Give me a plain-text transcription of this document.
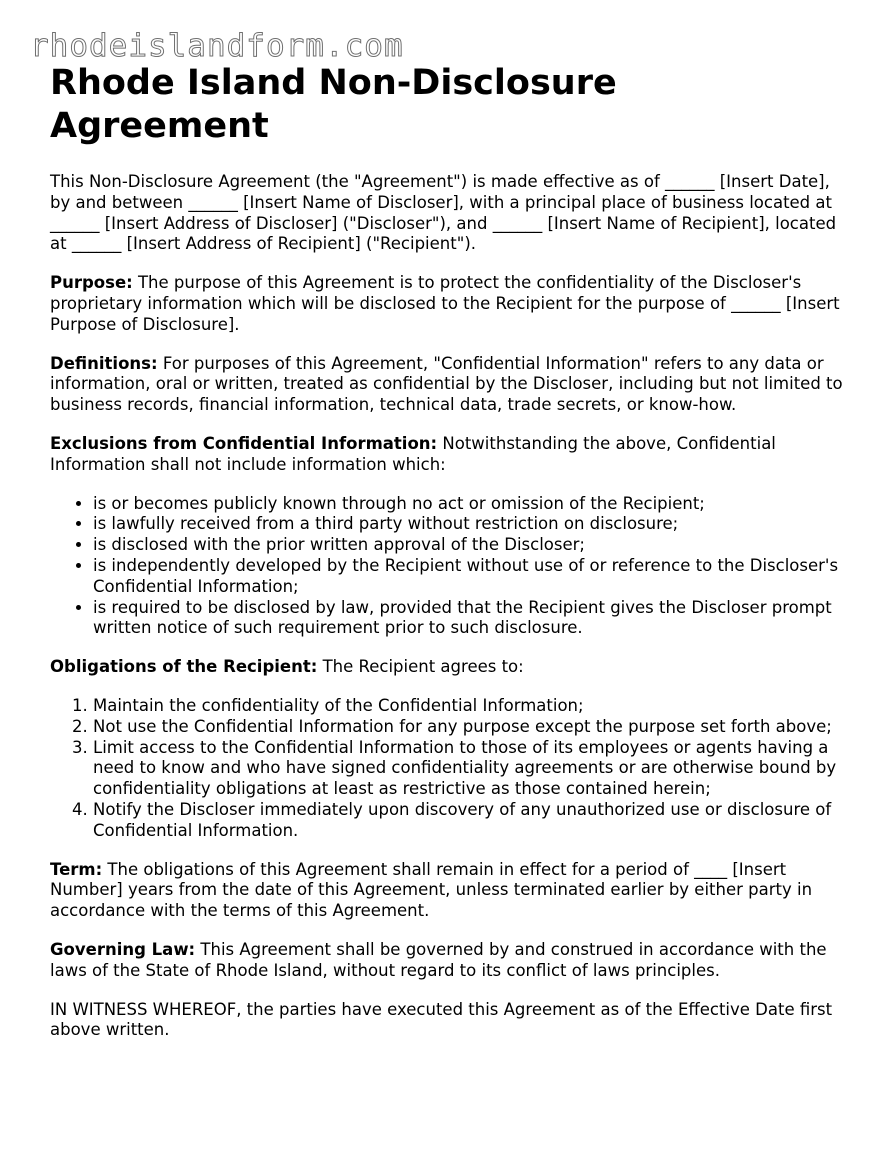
rhodeislandform.com
Rhode Island Non-Disclosure Agreement

This Non-Disclosure Agreement (the "Agreement") is made effective as of ______ [Insert Date], by and between ______ [Insert Name of Discloser], with a principal place of business located at ______ [Insert Address of Discloser] ("Discloser"), and ______ [Insert Name of Recipient], located at ______ [Insert Address of Recipient] ("Recipient").

Purpose: The purpose of this Agreement is to protect the confidentiality of the Discloser's proprietary information which will be disclosed to the Recipient for the purpose of ______ [Insert Purpose of Disclosure].

Definitions: For purposes of this Agreement, "Confidential Information" refers to any data or information, oral or written, treated as confidential by the Discloser, including but not limited to business records, financial information, technical data, trade secrets, or know-how.

Exclusions from Confidential Information: Notwithstanding the above, Confidential Information shall not include information which:

• is or becomes publicly known through no act or omission of the Recipient;
• is lawfully received from a third party without restriction on disclosure;
• is disclosed with the prior written approval of the Discloser;
• is independently developed by the Recipient without use of or reference to the Discloser's Confidential Information;
• is required to be disclosed by law, provided that the Recipient gives the Discloser prompt written notice of such requirement prior to such disclosure.

Obligations of the Recipient: The Recipient agrees to:

1. Maintain the confidentiality of the Confidential Information;
2. Not use the Confidential Information for any purpose except the purpose set forth above;
3. Limit access to the Confidential Information to those of its employees or agents having a need to know and who have signed confidentiality agreements or are otherwise bound by confidentiality obligations at least as restrictive as those contained herein;
4. Notify the Discloser immediately upon discovery of any unauthorized use or disclosure of Confidential Information.

Term: The obligations of this Agreement shall remain in effect for a period of ____ [Insert Number] years from the date of this Agreement, unless terminated earlier by either party in accordance with the terms of this Agreement.

Governing Law: This Agreement shall be governed by and construed in accordance with the laws of the State of Rhode Island, without regard to its conflict of laws principles.

IN WITNESS WHEREOF, the parties have executed this Agreement as of the Effective Date first above written.
